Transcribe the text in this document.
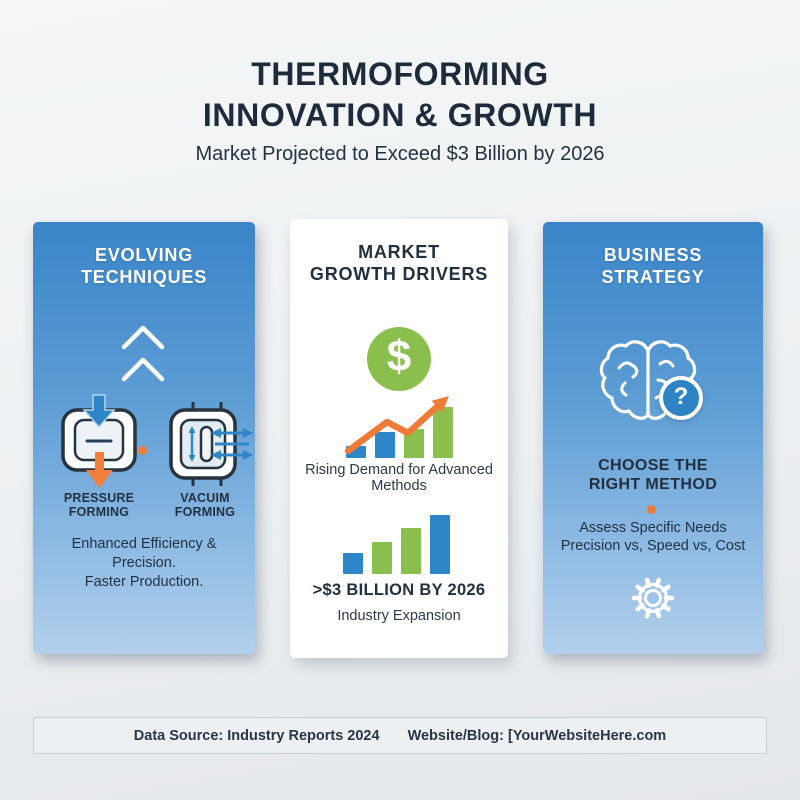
THERMOFORMING
INNOVATION & GROWTH
Market Projected to Exceed $3 Billion by 2026
EVOLVING
TECHNIQUES
PRESSURE
FORMING
VACUIM
FORMING
Enhanced Efficiency & Precision.
Faster Production.
MARKET
GROWTH DRIVERS
$
Rising Demand for Advanced
Methods
>$3 BILLION BY 2026
Industry Expansion
BUSINESS
STRATEGY
?
CHOOSE THE
RIGHT METHOD
Assess Specific Needs
Precision vs, Speed vs, Cost
Data Source: Industry Reports 2024 Website/Blog: [YourWebsiteHere.com
